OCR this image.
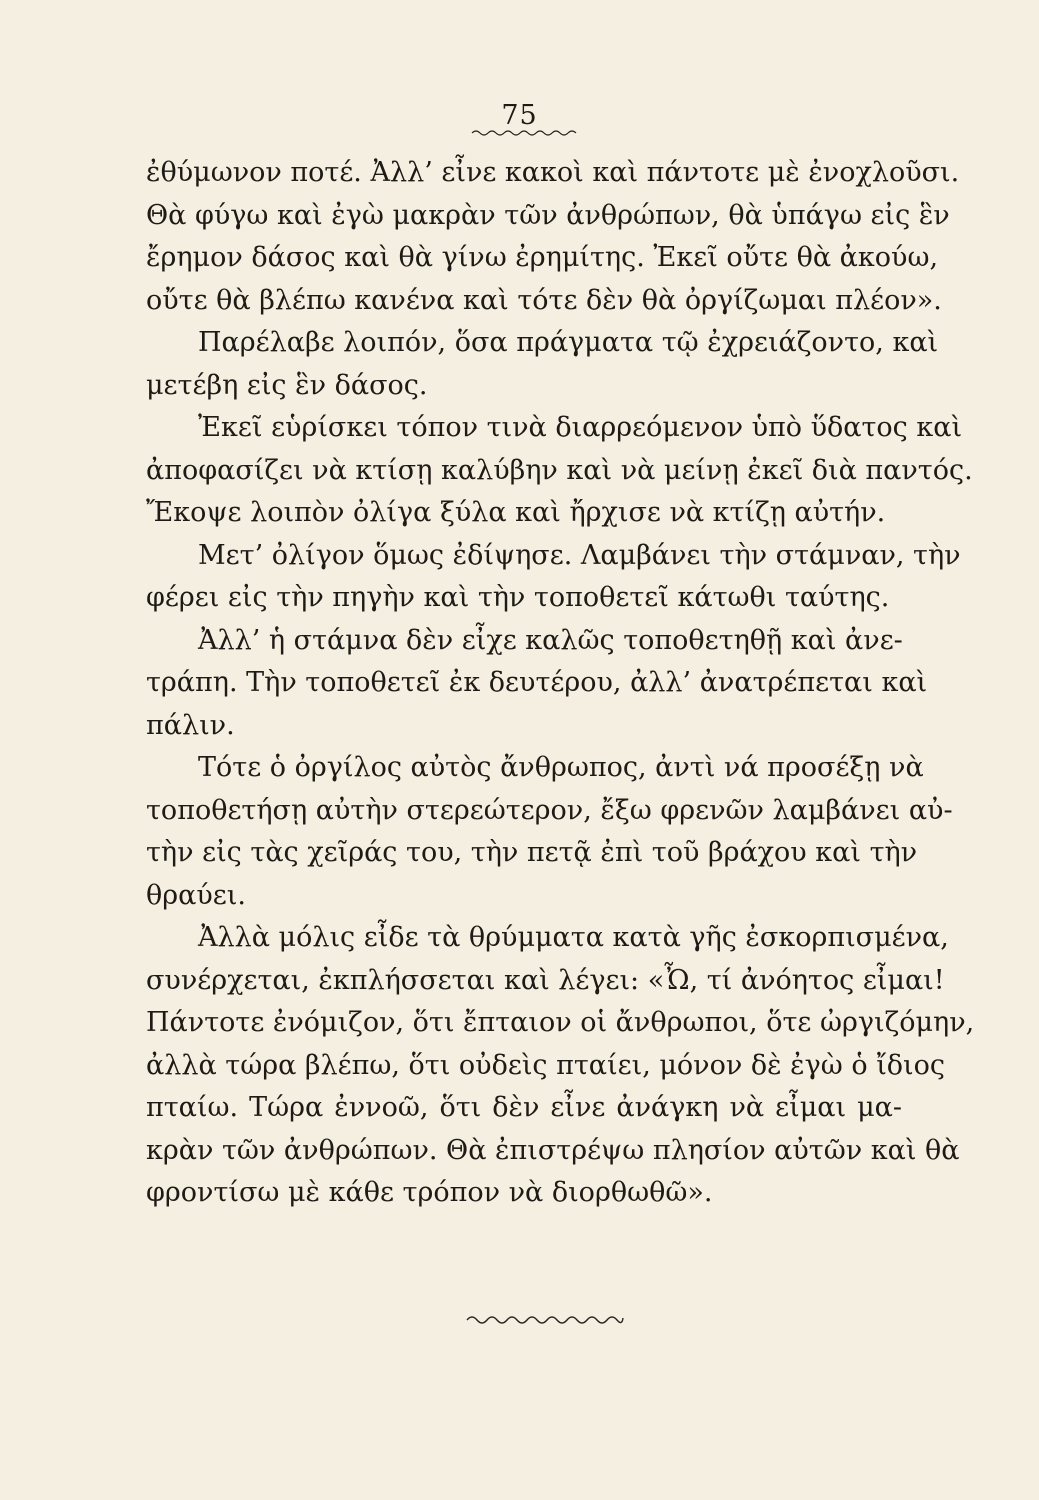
75

ἐθύμωνον ποτέ. Ἀλλ’ εἶνε κακοὶ καὶ πάντοτε μὲ ἐνοχλοῦσι.
Θὰ φύγω καὶ ἐγὼ μακρὰν τῶν ἀνθρώπων, θὰ ὑπάγω εἰς ἓν
ἔρημον δάσος καὶ θὰ γίνω ἐρημίτης. Ἐκεῖ οὔτε θὰ ἀκούω,
οὔτε θὰ βλέπω κανένα καὶ τότε δὲν θὰ ὀργίζωμαι πλέον».

Παρέλαβε λοιπόν, ὅσα πράγματα τῷ ἐχρειάζοντο, καὶ
μετέβη εἰς ἓν δάσος.

Ἐκεῖ εὑρίσκει τόπον τινὰ διαρρεόμενον ὑπὸ ὕδατος καὶ
ἀποφασίζει νὰ κτίσῃ καλύβην καὶ νὰ μείνῃ ἐκεῖ διὰ παντός.
Ἔκοψε λοιπὸν ὀλίγα ξύλα καὶ ἤρχισε νὰ κτίζῃ αὐτήν.

Μετ’ ὀλίγον ὅμως ἐδίψησε. Λαμβάνει τὴν στάμναν, τὴν
φέρει εἰς τὴν πηγὴν καὶ τὴν τοποθετεῖ κάτωθι ταύτης.

Ἀλλ’ ἡ στάμνα δὲν εἶχε καλῶς τοποθετηθῇ καὶ ἀνε-
τράπη. Τὴν τοποθετεῖ ἐκ δευτέρου, ἀλλ’ ἀνατρέπεται καὶ
πάλιν.

Τότε ὁ ὀργίλος αὐτὸς ἄνθρωπος, ἀντὶ νά προσέξῃ νὰ
τοποθετήσῃ αὐτὴν στερεώτερον, ἔξω φρενῶν λαμβάνει αὐ-
τὴν εἰς τὰς χεῖράς του, τὴν πετᾷ ἐπὶ τοῦ βράχου καὶ τὴν
θραύει.

Ἀλλὰ μόλις εἶδε τὰ θρύμματα κατὰ γῆς ἐσκορπισμένα,
συνέρχεται, ἐκπλήσσεται καὶ λέγει: «Ὦ, τί ἀνόητος εἶμαι!
Πάντοτε ἐνόμιζον, ὅτι ἔπταιον οἱ ἄνθρωποι, ὅτε ὠργιζόμην,
ἀλλὰ τώρα βλέπω, ὅτι οὐδεὶς πταίει, μόνον δὲ ἐγὼ ὁ ἴδιος
πταίω. Τώρα ἐννοῶ, ὅτι δὲν εἶνε ἀνάγκη νὰ εἶμαι μα-
κρὰν τῶν ἀνθρώπων. Θὰ ἐπιστρέψω πλησίον αὐτῶν καὶ θὰ
φροντίσω μὲ κάθε τρόπον νὰ διορθωθῶ».
